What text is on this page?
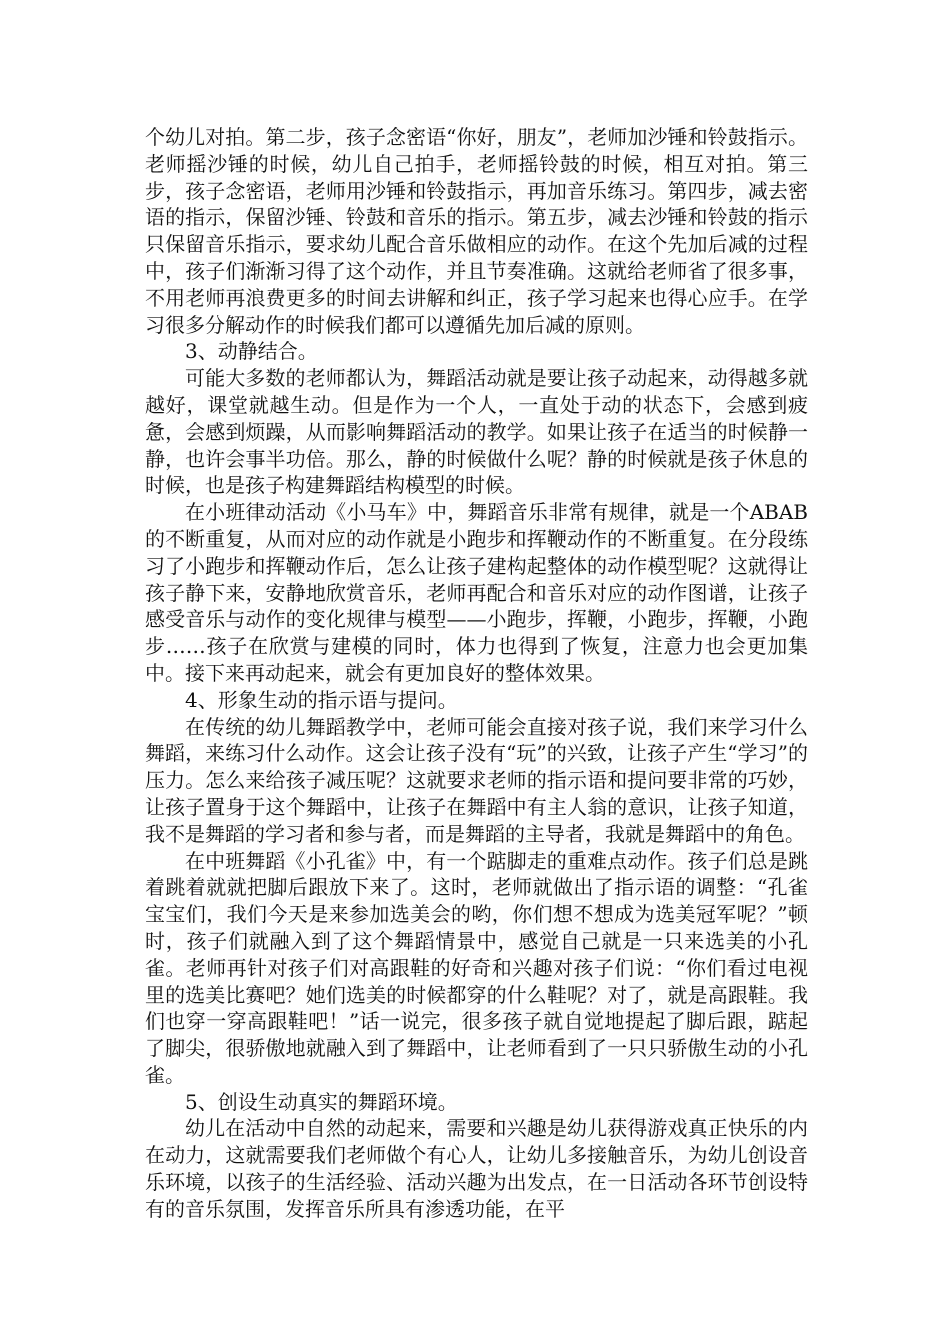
个幼儿对拍。第二步，孩子念密语“你好，朋友”，老师加沙锤和铃鼓指示。老师摇沙锤的时候，幼儿自己拍手，老师摇铃鼓的时候，相互对拍。第三步，孩子念密语，老师用沙锤和铃鼓指示，再加音乐练习。第四步，减去密语的指示，保留沙锤、铃鼓和音乐的指示。第五步，减去沙锤和铃鼓的指示只保留音乐指示，要求幼儿配合音乐做相应的动作。在这个先加后减的过程中，孩子们渐渐习得了这个动作，并且节奏准确。这就给老师省了很多事，不用老师再浪费更多的时间去讲解和纠正，孩子学习起来也得心应手。在学习很多分解动作的时候我们都可以遵循先加后减的原则。

3、动静结合。

可能大多数的老师都认为，舞蹈活动就是要让孩子动起来，动得越多就越好，课堂就越生动。但是作为一个人，一直处于动的状态下，会感到疲惫，会感到烦躁，从而影响舞蹈活动的教学。如果让孩子在适当的时候静一静，也许会事半功倍。那么，静的时候做什么呢？静的时候就是孩子休息的时候，也是孩子构建舞蹈结构模型的时候。

在小班律动活动《小马车》中，舞蹈音乐非常有规律，就是一个ABAB的不断重复，从而对应的动作就是小跑步和挥鞭动作的不断重复。在分段练习了小跑步和挥鞭动作后，怎么让孩子建构起整体的动作模型呢？这就得让孩子静下来，安静地欣赏音乐，老师再配合和音乐对应的动作图谱，让孩子感受音乐与动作的变化规律与模型——小跑步，挥鞭，小跑步，挥鞭，小跑步……孩子在欣赏与建模的同时，体力也得到了恢复，注意力也会更加集中。接下来再动起来，就会有更加良好的整体效果。

4、形象生动的指示语与提问。

在传统的幼儿舞蹈教学中，老师可能会直接对孩子说，我们来学习什么舞蹈，来练习什么动作。这会让孩子没有“玩”的兴致，让孩子产生“学习”的压力。怎么来给孩子减压呢？这就要求老师的指示语和提问要非常的巧妙，让孩子置身于这个舞蹈中，让孩子在舞蹈中有主人翁的意识，让孩子知道，我不是舞蹈的学习者和参与者，而是舞蹈的主导者，我就是舞蹈中的角色。

在中班舞蹈《小孔雀》中，有一个踮脚走的重难点动作。孩子们总是跳着跳着就就把脚后跟放下来了。这时，老师就做出了指示语的调整：“孔雀宝宝们，我们今天是来参加选美会的哟，你们想不想成为选美冠军呢？”顿时，孩子们就融入到了这个舞蹈情景中，感觉自己就是一只来选美的小孔雀。老师再针对孩子们对高跟鞋的好奇和兴趣对孩子们说：“你们看过电视里的选美比赛吧？她们选美的时候都穿的什么鞋呢？对了，就是高跟鞋。我们也穿一穿高跟鞋吧！”话一说完，很多孩子就自觉地提起了脚后跟，踮起了脚尖，很骄傲地就融入到了舞蹈中，让老师看到了一只只骄傲生动的小孔雀。

5、创设生动真实的舞蹈环境。

幼儿在活动中自然的动起来，需要和兴趣是幼儿获得游戏真正快乐的内在动力，这就需要我们老师做个有心人，让幼儿多接触音乐，为幼儿创设音乐环境，以孩子的生活经验、活动兴趣为出发点，在一日活动各环节创设特有的音乐氛围，发挥音乐所具有渗透功能，在平
